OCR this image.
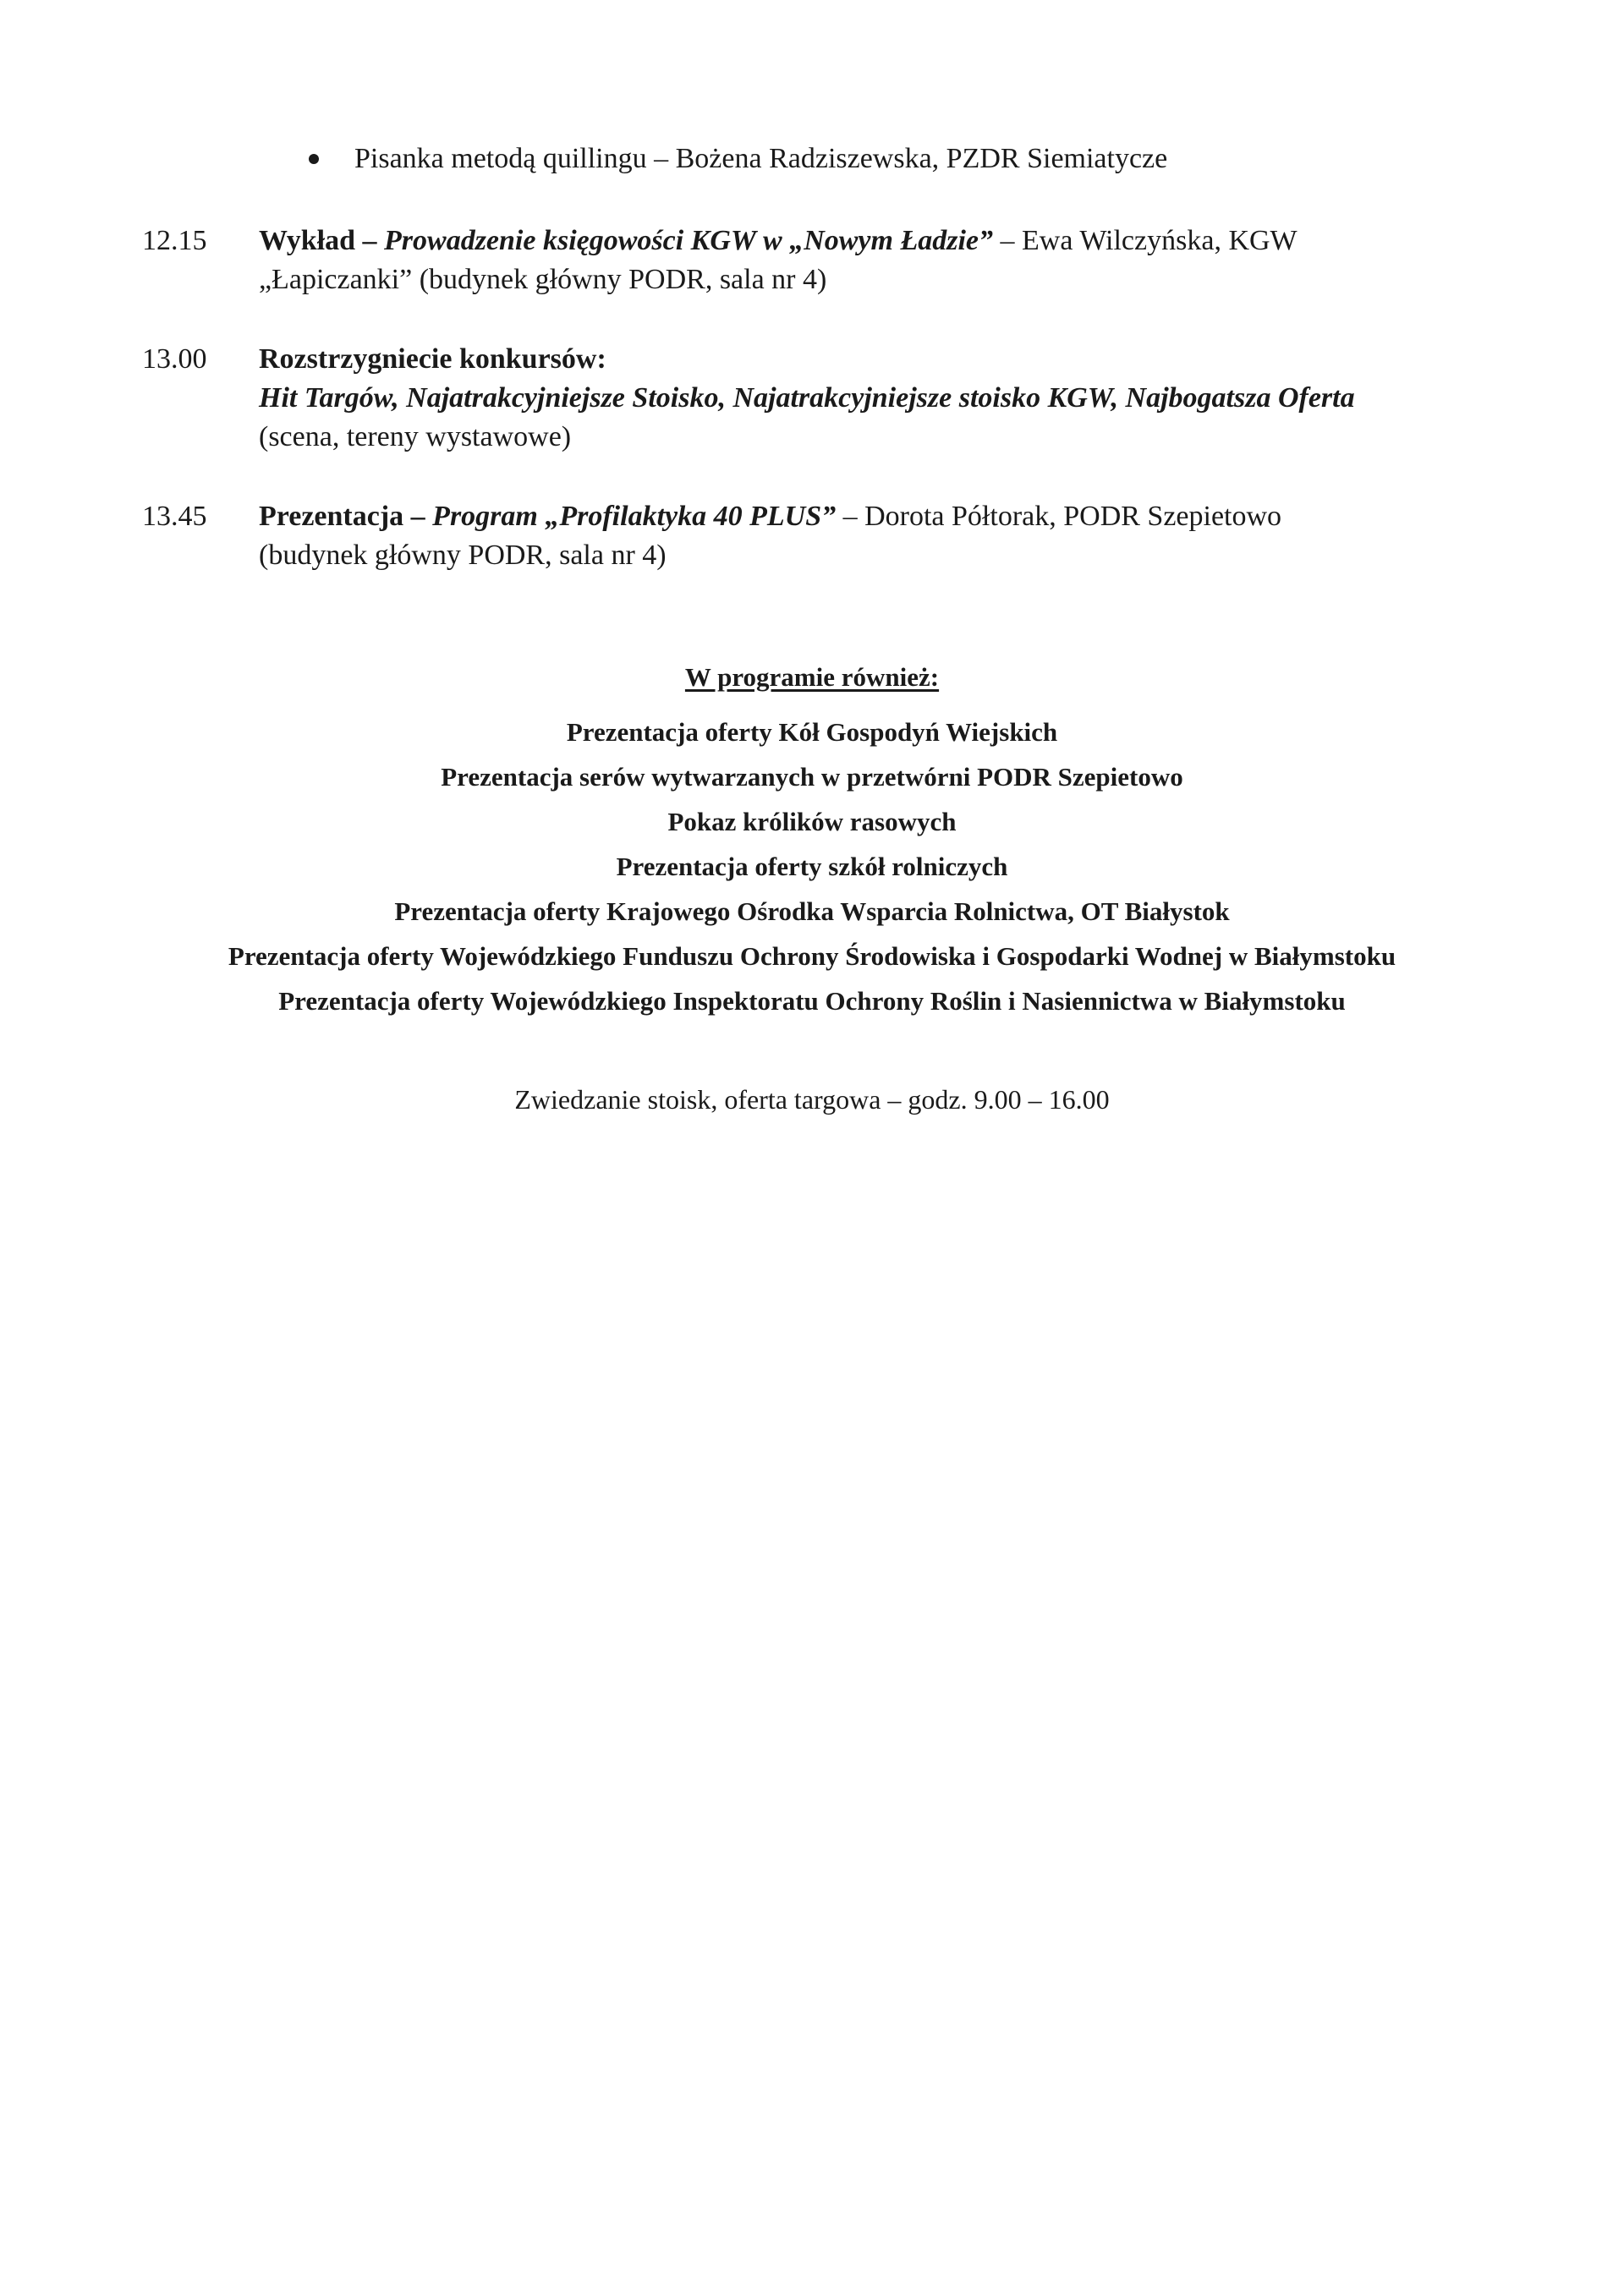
Pisanka metodą quillingu – Bożena Radziszewska, PZDR Siemiatycze
12.15	Wykład – Prowadzenie księgowości KGW w „Nowym Ładzie” – Ewa Wilczyńska, KGW
„Łapiczanki” (budynek główny PODR, sala nr 4)
13.00	Rozstrzygniecie konkursów:
Hit Targów, Najatrakcyjniejsze Stoisko, Najatrakcyjniejsze stoisko KGW, Najbogatsza Oferta
(scena, tereny wystawowe)
13.45	Prezentacja – Program „Profilaktyka 40 PLUS” – Dorota Półtorak, PODR Szepietowo
(budynek główny PODR, sala nr 4)
W programie również:
Prezentacja oferty Kół Gospodyń Wiejskich
Prezentacja serów wytwarzanych w przetwórni PODR Szepietowo
Pokaz królików rasowych
Prezentacja oferty szkół rolniczych
Prezentacja oferty Krajowego Ośrodka Wsparcia Rolnictwa, OT Białystok
Prezentacja oferty Wojewódzkiego Funduszu Ochrony Środowiska i Gospodarki Wodnej w Białymstoku
Prezentacja oferty Wojewódzkiego Inspektoratu Ochrony Roślin i Nasiennictwa w Białymstoku
Zwiedzanie stoisk, oferta targowa – godz. 9.00 – 16.00
